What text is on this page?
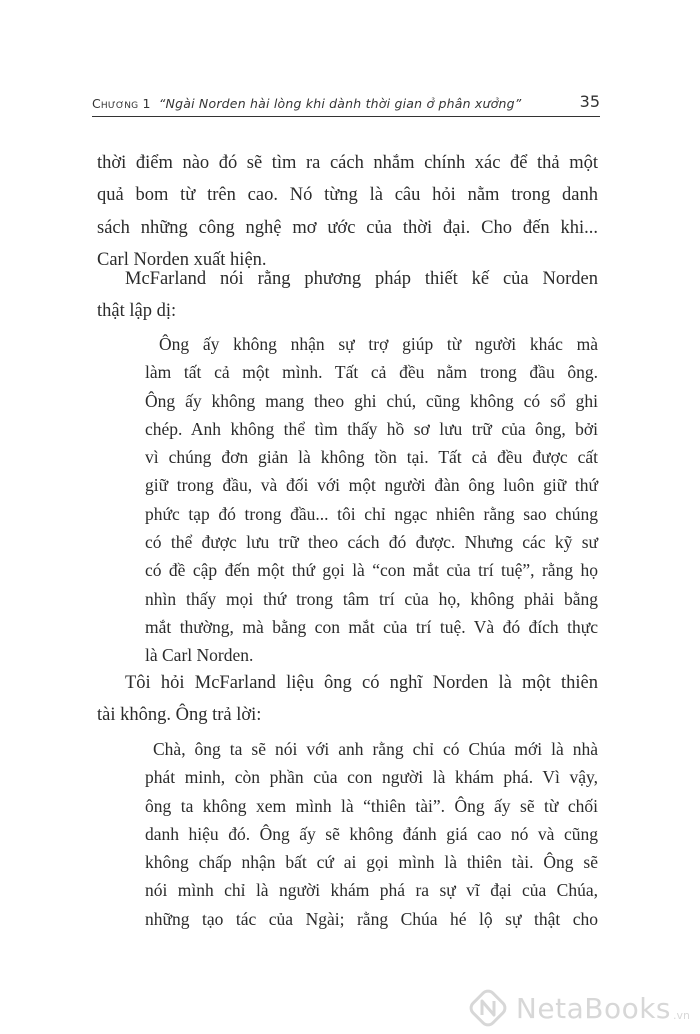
Chương 1 “Ngài Norden hài lòng khi dành thời gian ở phân xưởng”	35
thời điểm nào đó sẽ tìm ra cách nhắm chính xác để thả một
quả bom từ trên cao. Nó từng là câu hỏi nằm trong danh
sách những công nghệ mơ ước của thời đại. Cho đến khi...
Carl Norden xuất hiện.
McFarland nói rằng phương pháp thiết kế của Norden
thật lập dị:
Ông ấy không nhận sự trợ giúp từ người khác mà
làm tất cả một mình. Tất cả đều nằm trong đầu ông.
Ông ấy không mang theo ghi chú, cũng không có sổ ghi
chép. Anh không thể tìm thấy hồ sơ lưu trữ của ông, bởi
vì chúng đơn giản là không tồn tại. Tất cả đều được cất
giữ trong đầu, và đối với một người đàn ông luôn giữ thứ
phức tạp đó trong đầu... tôi chỉ ngạc nhiên rằng sao chúng
có thể được lưu trữ theo cách đó được. Nhưng các kỹ sư
có đề cập đến một thứ gọi là “con mắt của trí tuệ”, rằng họ
nhìn thấy mọi thứ trong tâm trí của họ, không phải bằng
mắt thường, mà bằng con mắt của trí tuệ. Và đó đích thực
là Carl Norden.
Tôi hỏi McFarland liệu ông có nghĩ Norden là một thiên
tài không. Ông trả lời:
Chà, ông ta sẽ nói với anh rằng chỉ có Chúa mới là nhà
phát minh, còn phần của con người là khám phá. Vì vậy,
ông ta không xem mình là “thiên tài”. Ông ấy sẽ từ chối
danh hiệu đó. Ông ấy sẽ không đánh giá cao nó và cũng
không chấp nhận bất cứ ai gọi mình là thiên tài. Ông sẽ
nói mình chỉ là người khám phá ra sự vĩ đại của Chúa,
những tạo tác của Ngài; rằng Chúa hé lộ sự thật cho
NetaBooks .vn
